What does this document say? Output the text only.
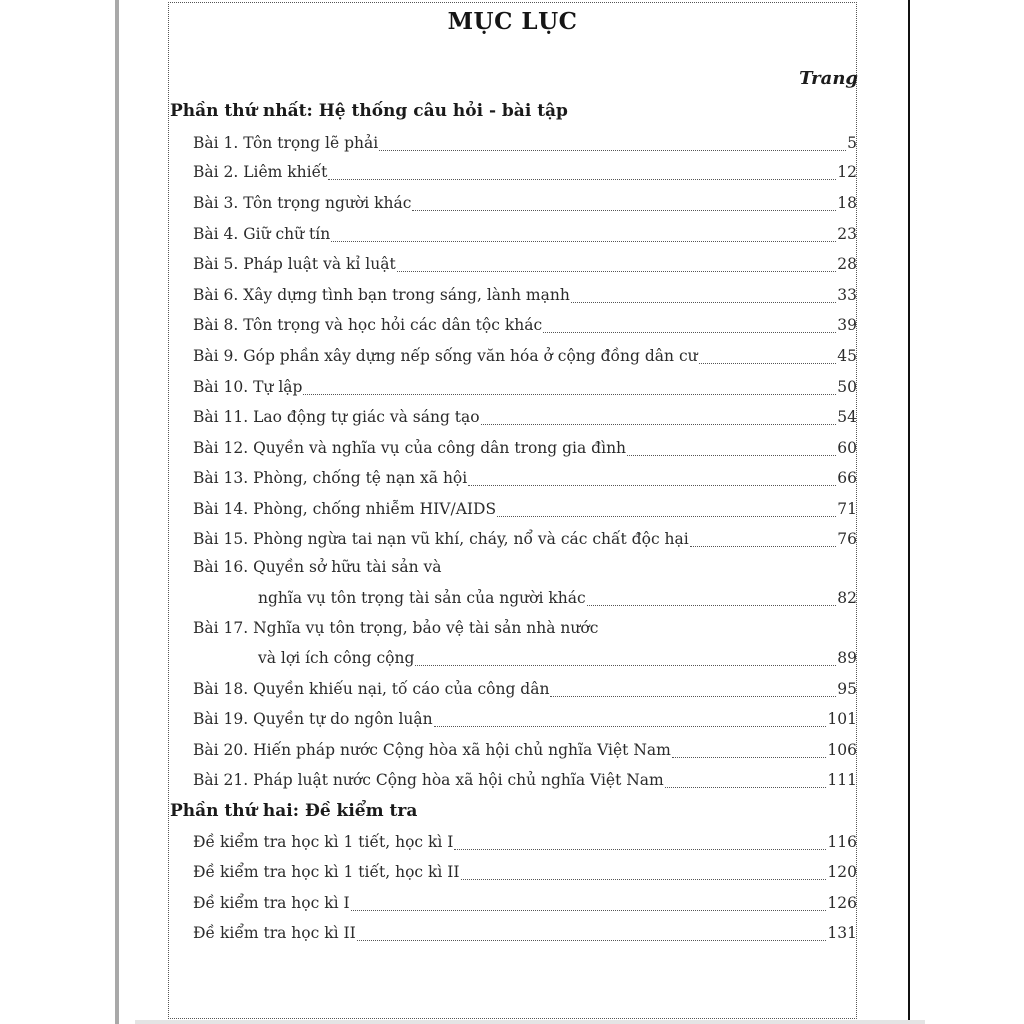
MỤC LỤC
Trang
Phần thứ nhất: Hệ thống câu hỏi - bài tập
Bài 1. Tôn trọng lẽ phải	5
Bài 2. Liêm khiết	12
Bài 3. Tôn trọng người khác	18
Bài 4. Giữ chữ tín	23
Bài 5. Pháp luật và kỉ luật	28
Bài 6. Xây dựng tình bạn trong sáng, lành mạnh	33
Bài 8. Tôn trọng và học hỏi các dân tộc khác	39
Bài 9. Góp phần xây dựng nếp sống văn hóa ở cộng đồng dân cư	45
Bài 10. Tự lập	50
Bài 11. Lao động tự giác và sáng tạo	54
Bài 12. Quyền và nghĩa vụ của công dân trong gia đình	60
Bài 13. Phòng, chống tệ nạn xã hội	66
Bài 14. Phòng, chống nhiễm HIV/AIDS	71
Bài 15. Phòng ngừa tai nạn vũ khí, cháy, nổ và các chất độc hại	76
Bài 16. Quyền sở hữu tài sản và
nghĩa vụ tôn trọng tài sản của người khác	82
Bài 17. Nghĩa vụ tôn trọng, bảo vệ tài sản nhà nước
và lợi ích công cộng	89
Bài 18. Quyền khiếu nại, tố cáo của công dân	95
Bài 19. Quyền tự do ngôn luận	101
Bài 20. Hiến pháp nước Cộng hòa xã hội chủ nghĩa Việt Nam	106
Bài 21. Pháp luật nước Cộng hòa xã hội chủ nghĩa Việt Nam	111
Phần thứ hai: Đề kiểm tra
Đề kiểm tra học kì 1 tiết, học kì I	116
Đề kiểm tra học kì 1 tiết, học kì II	120
Đề kiểm tra học kì I	126
Đề kiểm tra học kì II	131
